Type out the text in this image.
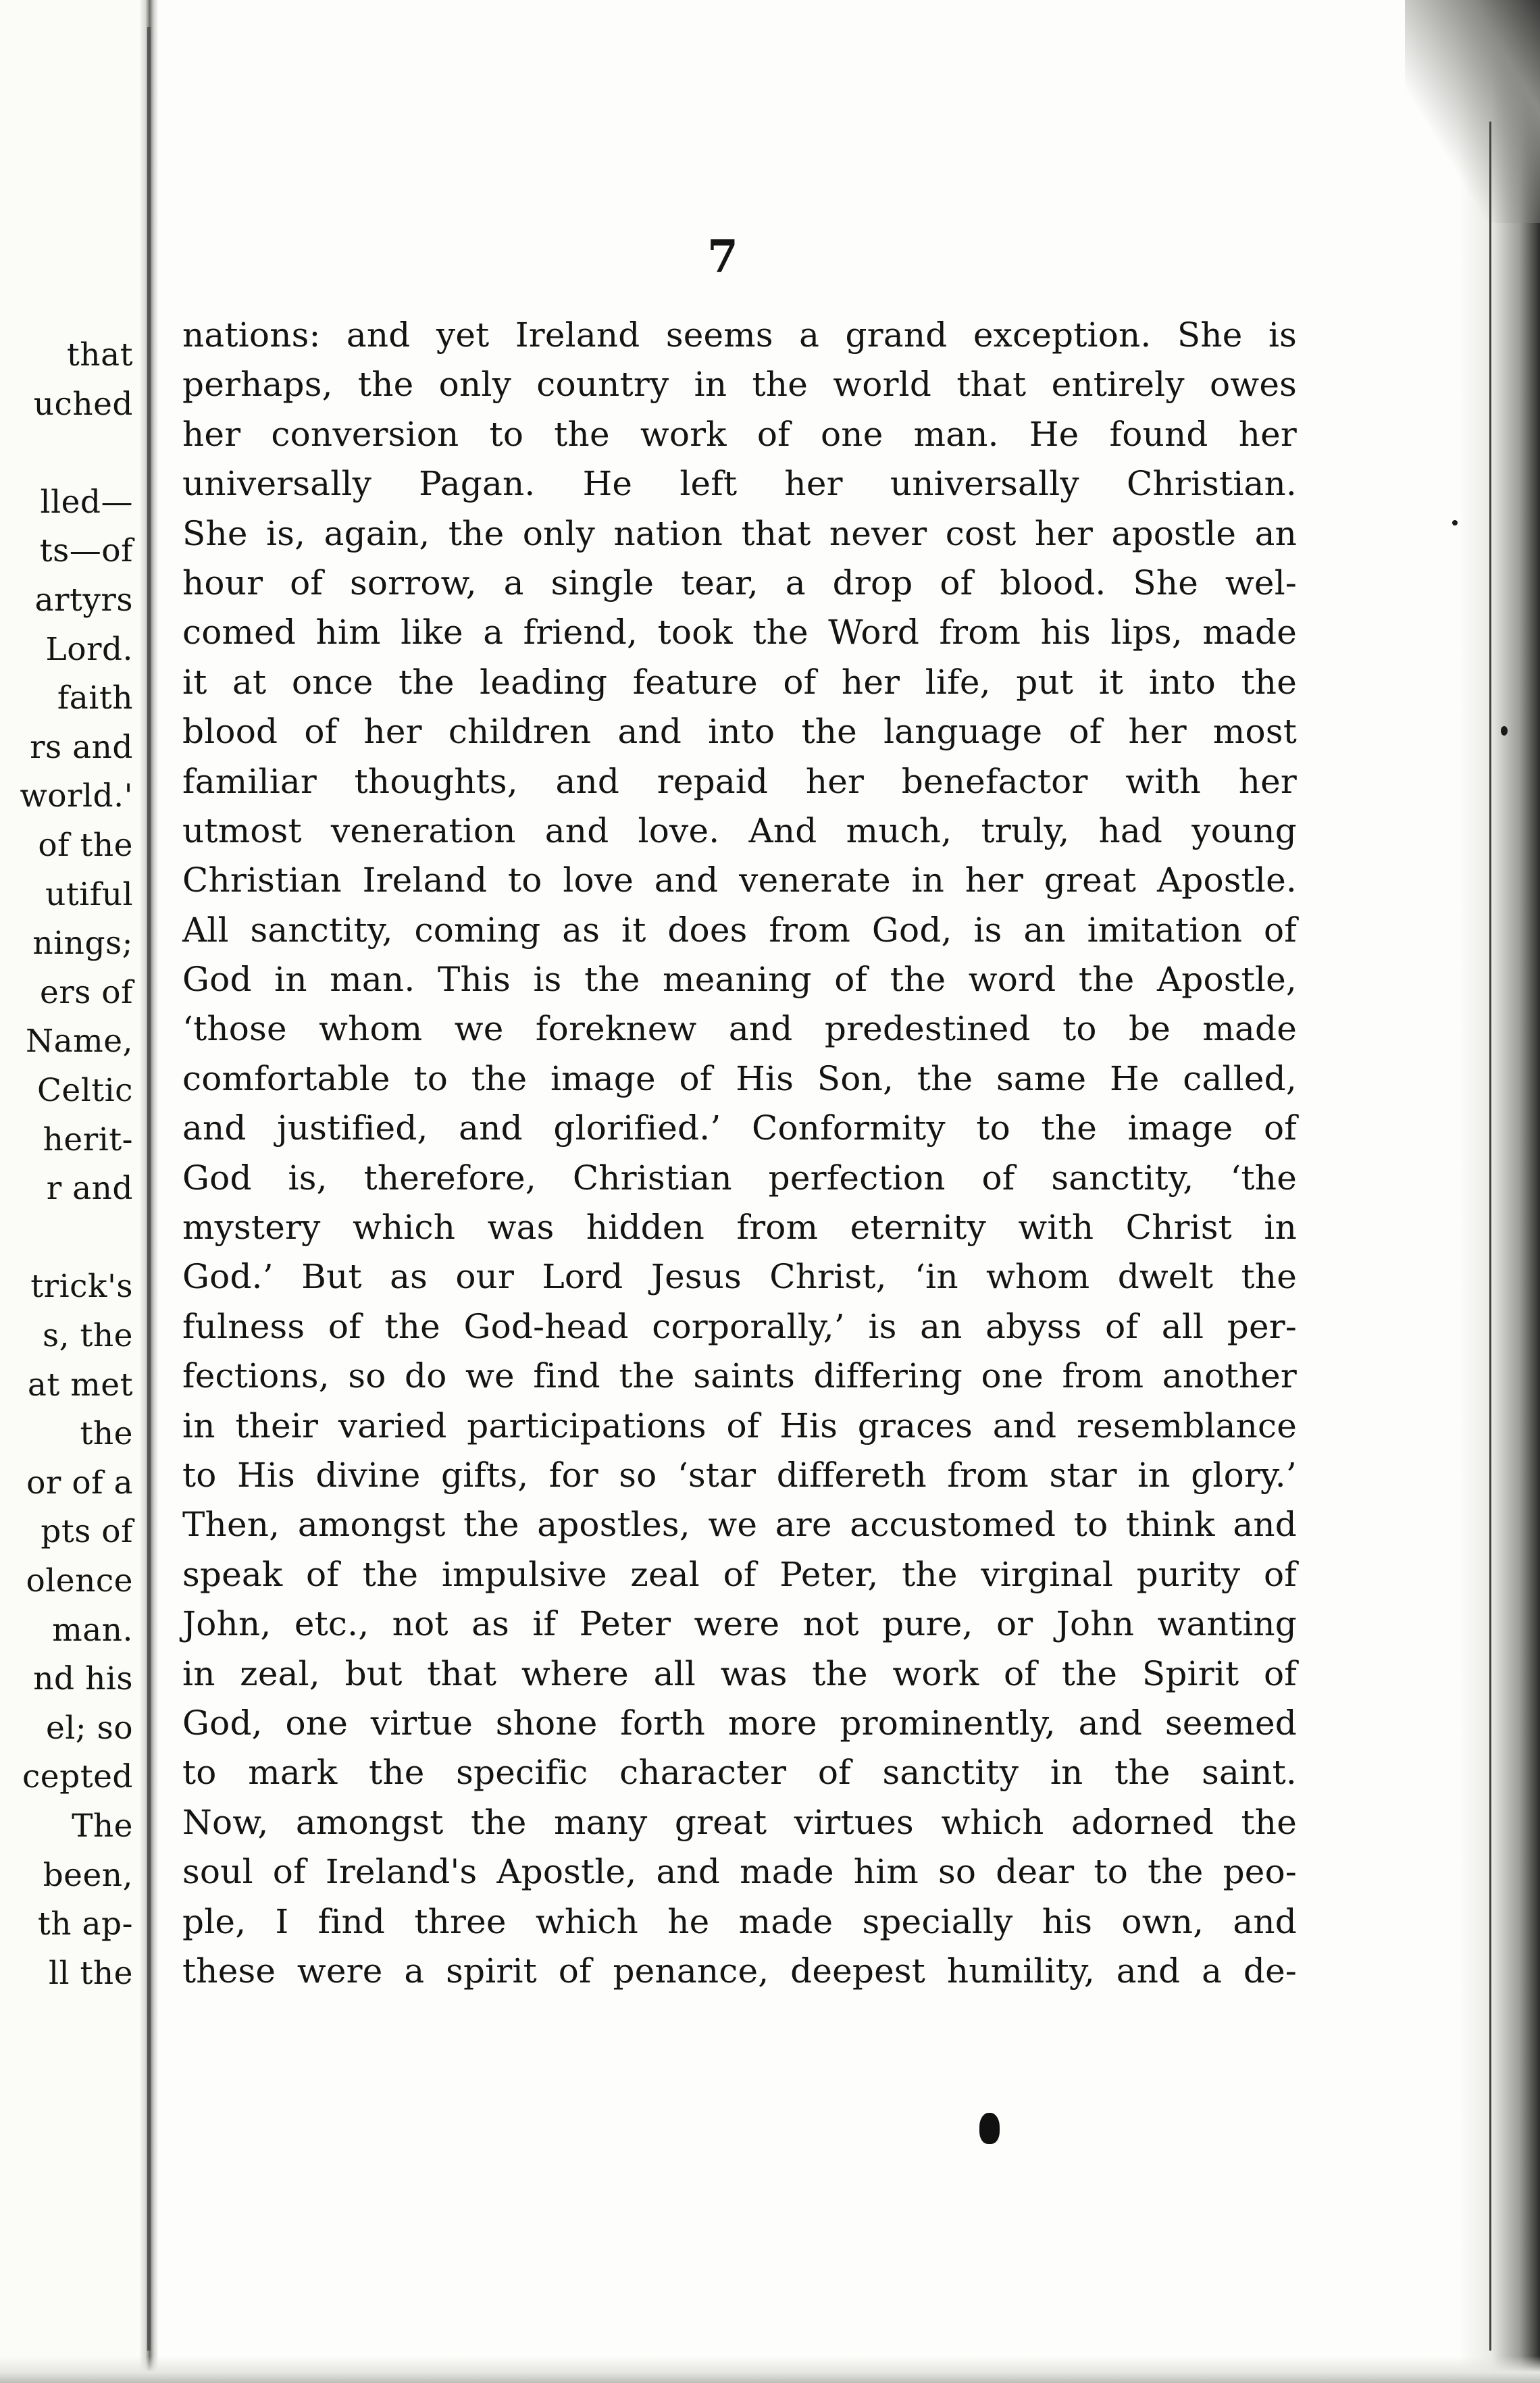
that
uched
lled—
ts—of
artyrs
Lord.
faith
rs and
world.'
of the
utiful
nings;
ers of
Name,
Celtic
herit-
r and
trick's
s, the
at met
the
or of a
pts of
olence
man.
nd his
el; so
cepted
The
been,
th ap-
ll the
7
nations: and yet Ireland seems a grand exception. She is
perhaps, the only country in the world that entirely owes
her conversion to the work of one man. He found her
universally Pagan. He left her universally Christian.
She is, again, the only nation that never cost her apostle an
hour of sorrow, a single tear, a drop of blood. She wel-
comed him like a friend, took the Word from his lips, made
it at once the leading feature of her life, put it into the
blood of her children and into the language of her most
familiar thoughts, and repaid her benefactor with her
utmost veneration and love. And much, truly, had young
Christian Ireland to love and venerate in her great Apostle.
All sanctity, coming as it does from God, is an imitation of
God in man. This is the meaning of the word the Apostle,
‘those whom we foreknew and predestined to be made
comfortable to the image of His Son, the same He called,
and justified, and glorified.’ Conformity to the image of
God is, therefore, Christian perfection of sanctity, ‘the
mystery which was hidden from eternity with Christ in
God.’ But as our Lord Jesus Christ, ‘in whom dwelt the
fulness of the God-head corporally,’ is an abyss of all per-
fections, so do we find the saints differing one from another
in their varied participations of His graces and resemblance
to His divine gifts, for so ‘star differeth from star in glory.’
Then, amongst the apostles, we are accustomed to think and
speak of the impulsive zeal of Peter, the virginal purity of
John, etc., not as if Peter were not pure, or John wanting
in zeal, but that where all was the work of the Spirit of
God, one virtue shone forth more prominently, and seemed
to mark the specific character of sanctity in the saint.
Now, amongst the many great virtues which adorned the
soul of Ireland's Apostle, and made him so dear to the peo-
ple, I find three which he made specially his own, and
these were a spirit of penance, deepest humility, and a de-
